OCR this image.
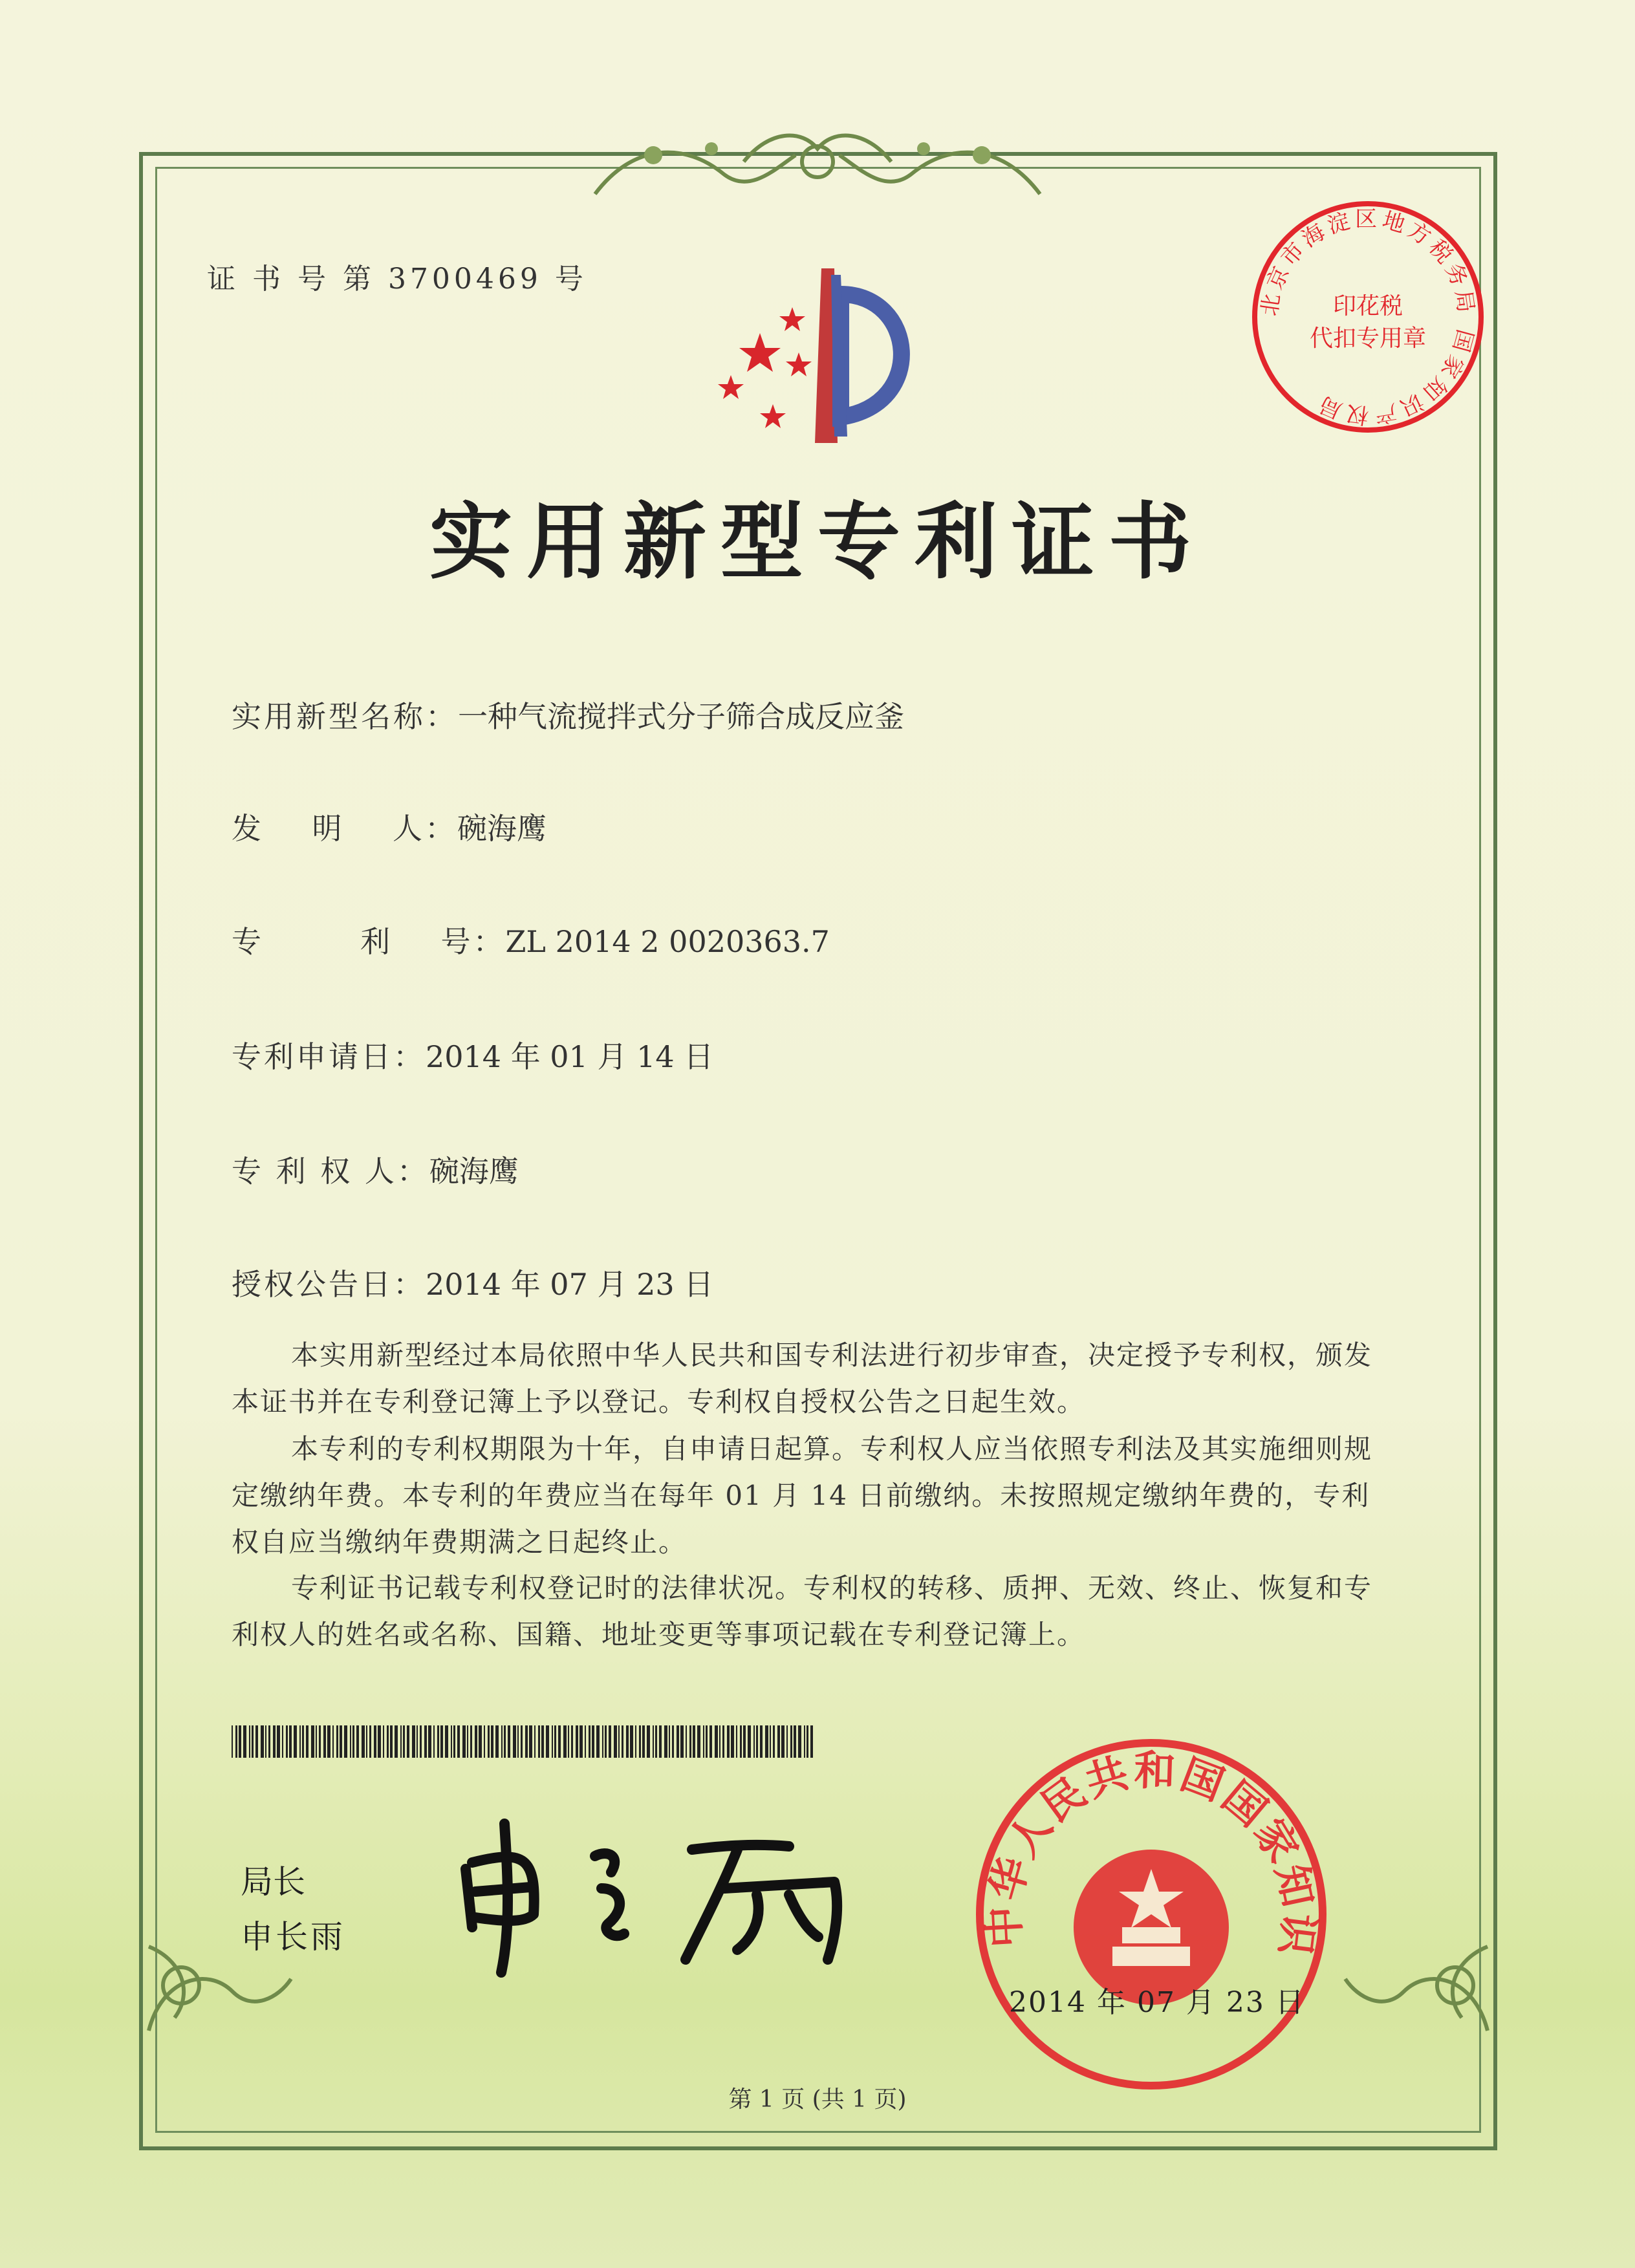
证 书 号 第 3700469 号
北京市海淀区地方税务局 国家知识产权局
印花税
代扣专用章
实用新型专利证书
实用新型名称：一种气流搅拌式分子筛合成反应釜
发    明    人：碗海鹰
专        利    号：ZL 2014 2 0020363.7
专利申请日：2014 年 01 月 14 日
专 利 权 人：碗海鹰
授权公告日：2014 年 07 月 23 日
本实用新型经过本局依照中华人民共和国专利法进行初步审查，决定授予专利权，颁发本证书并在专利登记簿上予以登记。专利权自授权公告之日起生效。
本专利的专利权期限为十年，自申请日起算。专利权人应当依照专利法及其实施细则规定缴纳年费。本专利的年费应当在每年 01 月 14 日前缴纳。未按照规定缴纳年费的，专利权自应当缴纳年费期满之日起终止。
专利证书记载专利权登记时的法律状况。专利权的转移、质押、无效、终止、恢复和专利权人的姓名或名称、国籍、地址变更等事项记载在专利登记簿上。
局长
申长雨	中华人民共和国国家知识
2014 年 07 月 23 日
第 1 页 (共 1 页)
